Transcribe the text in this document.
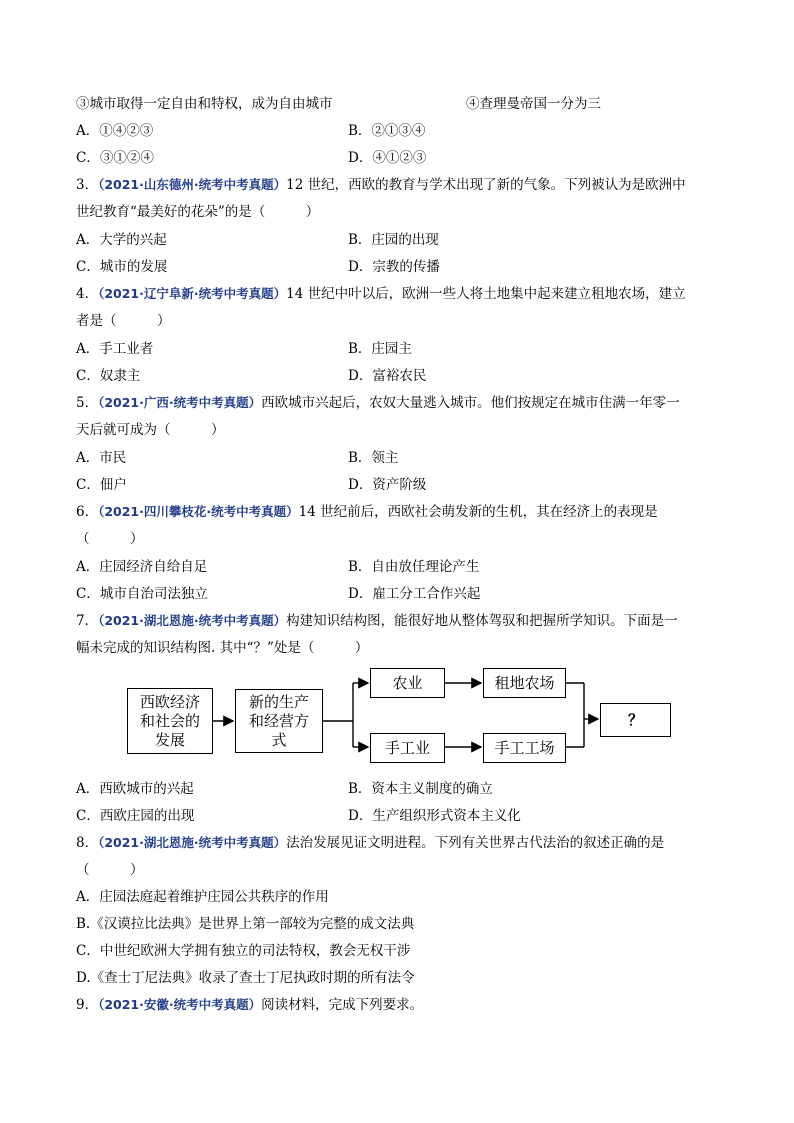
③城市取得一定自由和特权，成为自由城市	④查理曼帝国一分为三
A．①④②③	B．②①③④
C．③①②④	D．④①②③
3．（2021·山东德州·统考中考真题）12 世纪，西欧的教育与学术出现了新的气象。下列被认为是欧洲中
世纪教育“最美好的花朵”的是（　　　）
A．大学的兴起	B．庄园的出现
C．城市的发展	D．宗教的传播
4．（2021·辽宁阜新·统考中考真题）14 世纪中叶以后，欧洲一些人将土地集中起来建立租地农场，建立
者是（　　　）
A．手工业者	B．庄园主
C．奴隶主	D．富裕农民
5．（2021·广西·统考中考真题）西欧城市兴起后，农奴大量逃入城市。他们按规定在城市住满一年零一
天后就可成为（　　　）
A．市民	B．领主
C．佃户	D．资产阶级
6．（2021·四川攀枝花·统考中考真题）14 世纪前后，西欧社会萌发新的生机，其在经济上的表现是
（　　　）
A．庄园经济自给自足	B．自由放任理论产生
C．城市自治司法独立	D．雇工分工合作兴起
7．（2021·湖北恩施·统考中考真题）构建知识结构图，能很好地从整体驾驭和把握所学知识。下面是一
幅未完成的知识结构图. 其中“？”处是（　　　）
西欧经济和社会的发展
新的生产和经营方式
农业	租地农场
手工业	手工工场
？
A．西欧城市的兴起	B．资本主义制度的确立
C．西欧庄园的出现	D．生产组织形式资本主义化
8．（2021·湖北恩施·统考中考真题）法治发展见证文明进程。下列有关世界古代法治的叙述正确的是
（　　　）
A．庄园法庭起着维护庄园公共秩序的作用
B.《汉谟拉比法典》是世界上第一部较为完整的成文法典
C．中世纪欧洲大学拥有独立的司法特权，教会无权干涉
D.《查士丁尼法典》收录了查士丁尼执政时期的所有法令
9．（2021·安徽·统考中考真题）阅读材料，完成下列要求。
